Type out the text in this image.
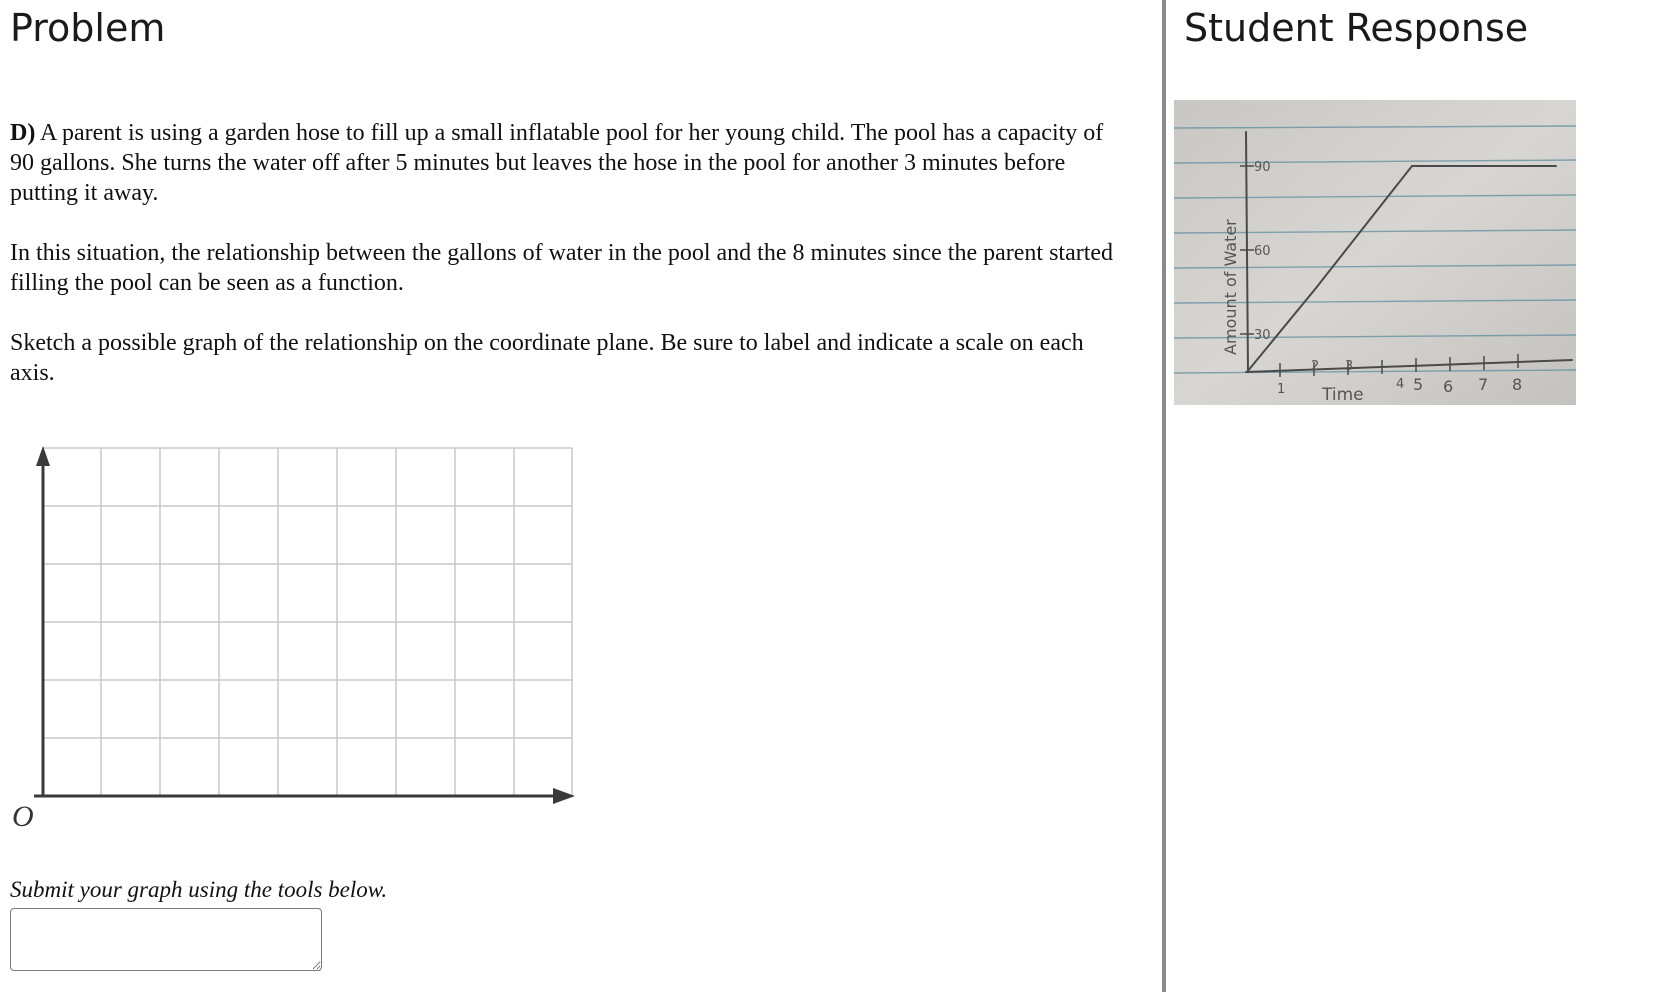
Problem

D) A parent is using a garden hose to fill up a small inflatable pool for her young child. The pool has a capacity of 90 gallons. She turns the water off after 5 minutes but leaves the hose in the pool for another 3 minutes before putting it away.

In this situation, the relationship between the gallons of water in the pool and the 8 minutes since the parent started filling the pool can be seen as a function.

Sketch a possible graph of the relationship on the coordinate plane. Be sure to label and indicate a scale on each axis.

O
Submit your graph using the tools below.
Student Response
1
2 3
4 5 6 7 8
Time
90
60
30
Amount of Water
